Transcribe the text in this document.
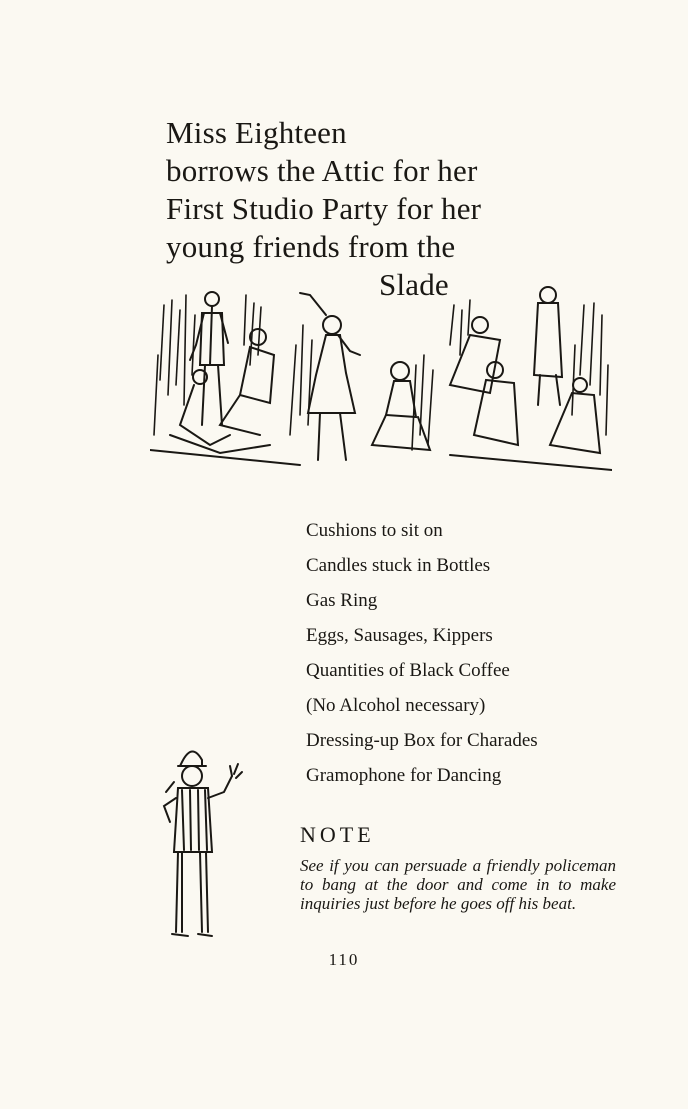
Miss Eighteen
borrows the Attic for her
First Studio Party for her
young friends from the
Slade
Cushions to sit on
Candles stuck in Bottles
Gas Ring
Eggs, Sausages, Kippers
Quantities of Black Coffee
(No Alcohol necessary)
Dressing-up Box for Charades
Gramophone for Dancing
NOTE
See if you can persuade a friendly policeman to bang at the door and come in to make inquiries just before he goes off his beat.
110
